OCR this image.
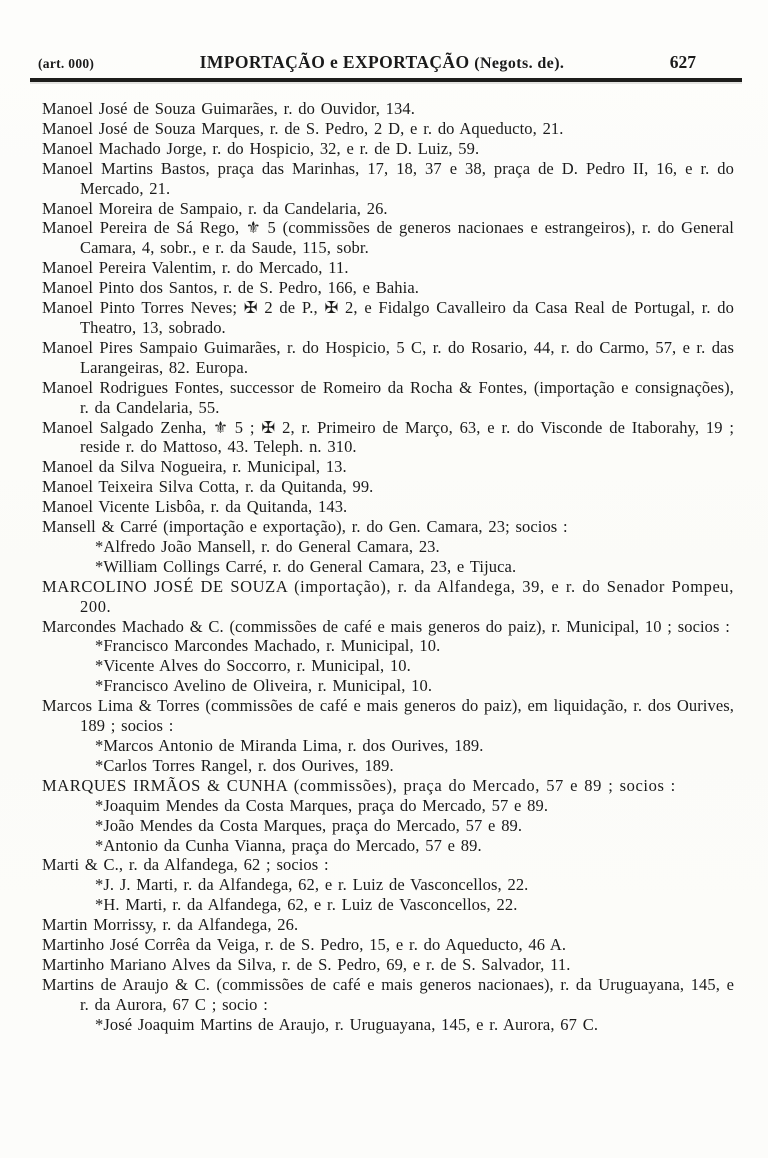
(art. 000)	IMPORTAÇÃO e EXPORTAÇÃO (Negots. de).	627

Manoel José de Souza Guimarães, r. do Ouvidor, 134.

Manoel José de Souza Marques, r. de S. Pedro, 2 D, e r. do Aqueducto, 21.

Manoel Machado Jorge, r. do Hospicio, 32, e r. de D. Luiz, 59.

Manoel Martins Bastos, praça das Marinhas, 17, 18, 37 e 38, praça de D. Pedro II, 16, e r. do Mercado, 21.

Manoel Moreira de Sampaio, r. da Candelaria, 26.

Manoel Pereira de Sá Rego, ⚜ 5 (commissões de generos nacionaes e estrangeiros), r. do General Camara, 4, sobr., e r. da Saude, 115, sobr.

Manoel Pereira Valentim, r. do Mercado, 11.

Manoel Pinto dos Santos, r. de S. Pedro, 166, e Bahia.

Manoel Pinto Torres Neves; ✠ 2 de P., ✠ 2, e Fidalgo Cavalleiro da Casa Real de Portugal, r. do Theatro, 13, sobrado.

Manoel Pires Sampaio Guimarães, r. do Hospicio, 5 C, r. do Rosario, 44, r. do Carmo, 57, e r. das Larangeiras, 82. Europa.

Manoel Rodrigues Fontes, successor de Romeiro da Rocha & Fontes, (importação e consignações), r. da Candelaria, 55.

Manoel Salgado Zenha, ⚜ 5 ; ✠ 2, r. Primeiro de Março, 63, e r. do Visconde de Itaborahy, 19 ; reside r. do Mattoso, 43. Teleph. n. 310.

Manoel da Silva Nogueira, r. Municipal, 13.

Manoel Teixeira Silva Cotta, r. da Quitanda, 99.

Manoel Vicente Lisbôa, r. da Quitanda, 143.

Mansell & Carré (importação e exportação), r. do Gen. Camara, 23; socios :

*Alfredo João Mansell, r. do General Camara, 23.

*William Collings Carré, r. do General Camara, 23, e Tijuca.

MARCOLINO JOSÉ DE SOUZA (importação), r. da Alfandega, 39, e r. do Senador Pompeu, 200.

Marcondes Machado & C. (commissões de café e mais generos do paiz), r. Municipal, 10 ; socios :

*Francisco Marcondes Machado, r. Municipal, 10.

*Vicente Alves do Soccorro, r. Municipal, 10.

*Francisco Avelino de Oliveira, r. Municipal, 10.

Marcos Lima & Torres (commissões de café e mais generos do paiz), em liquidação, r. dos Ourives, 189 ; socios :

*Marcos Antonio de Miranda Lima, r. dos Ourives, 189.

*Carlos Torres Rangel, r. dos Ourives, 189.

MARQUES IRMÃOS & CUNHA (commissões), praça do Mercado, 57 e 89 ; socios :

*Joaquim Mendes da Costa Marques, praça do Mercado, 57 e 89.

*João Mendes da Costa Marques, praça do Mercado, 57 e 89.

*Antonio da Cunha Vianna, praça do Mercado, 57 e 89.

Marti & C., r. da Alfandega, 62 ; socios :

*J. J. Marti, r. da Alfandega, 62, e r. Luiz de Vasconcellos, 22.

*H. Marti, r. da Alfandega, 62, e r. Luiz de Vasconcellos, 22.

Martin Morrissy, r. da Alfandega, 26.

Martinho José Corrêa da Veiga, r. de S. Pedro, 15, e r. do Aqueducto, 46 A.

Martinho Mariano Alves da Silva, r. de S. Pedro, 69, e r. de S. Salvador, 11.

Martins de Araujo & C. (commissões de café e mais generos nacionaes), r. da Uruguayana, 145, e r. da Aurora, 67 C ; socio :

*José Joaquim Martins de Araujo, r. Uruguayana, 145, e r. Aurora, 67 C.
